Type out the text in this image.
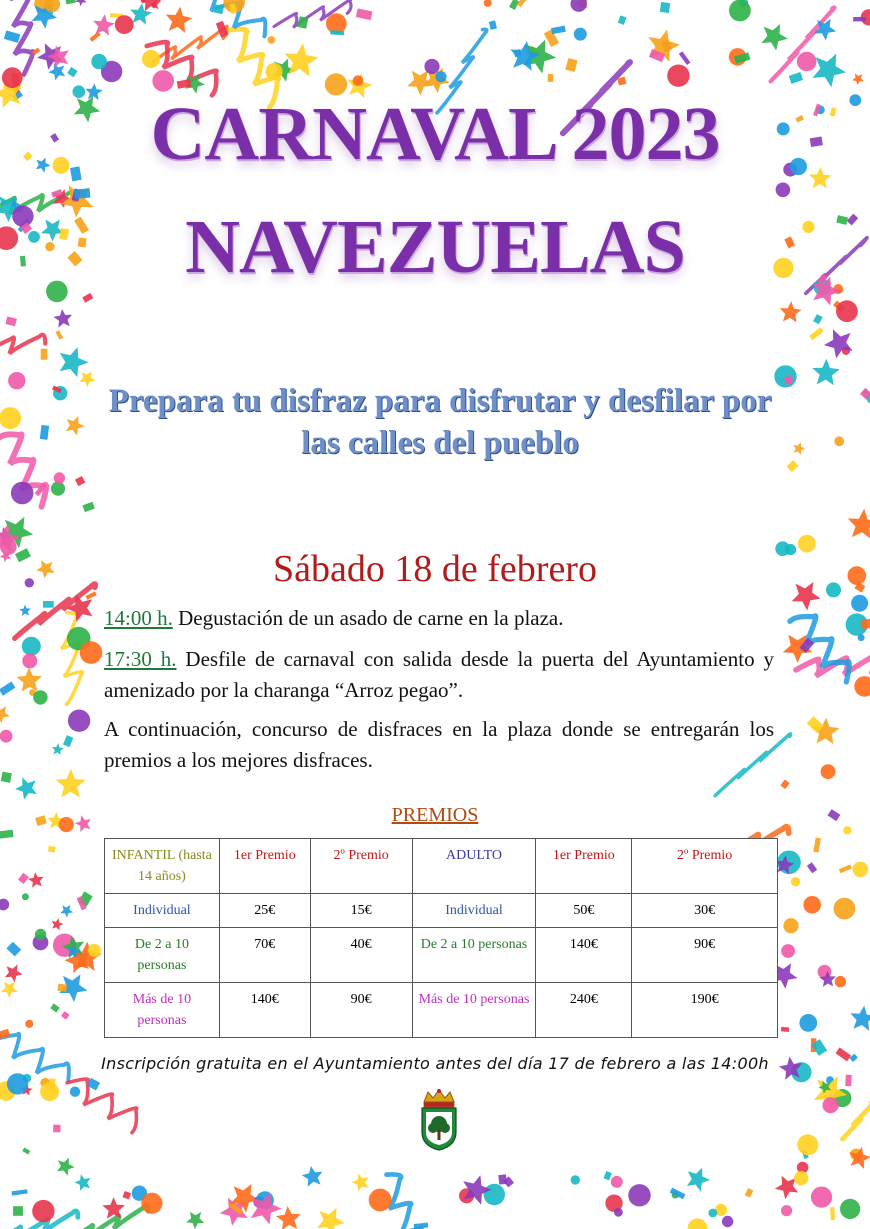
CARNAVAL 2023
NAVEZUELAS
Prepara tu disfraz para disfrutar y desfilar por las calles del pueblo
Sábado 18 de febrero
14:00 h. Degustación de un asado de carne en la plaza.
17:30 h. Desfile de carnaval con salida desde la puerta del Ayuntamiento y amenizado por la charanga “Arroz pegao”.
A continuación, concurso de disfraces en la plaza donde se entregarán los premios a los mejores disfraces.
PREMIOS
INFANTIL (hasta 14 años)	1er Premio	2º Premio	ADULTO	1er Premio	2º Premio
Individual	25€	15€	Individual	50€	30€
De 2 a 10 personas	70€	40€	De 2 a 10 personas	140€	90€
Más de 10 personas	140€	90€	Más de 10 personas	240€	190€
Inscripción gratuita en el Ayuntamiento antes del día 17 de febrero a las 14:00h
